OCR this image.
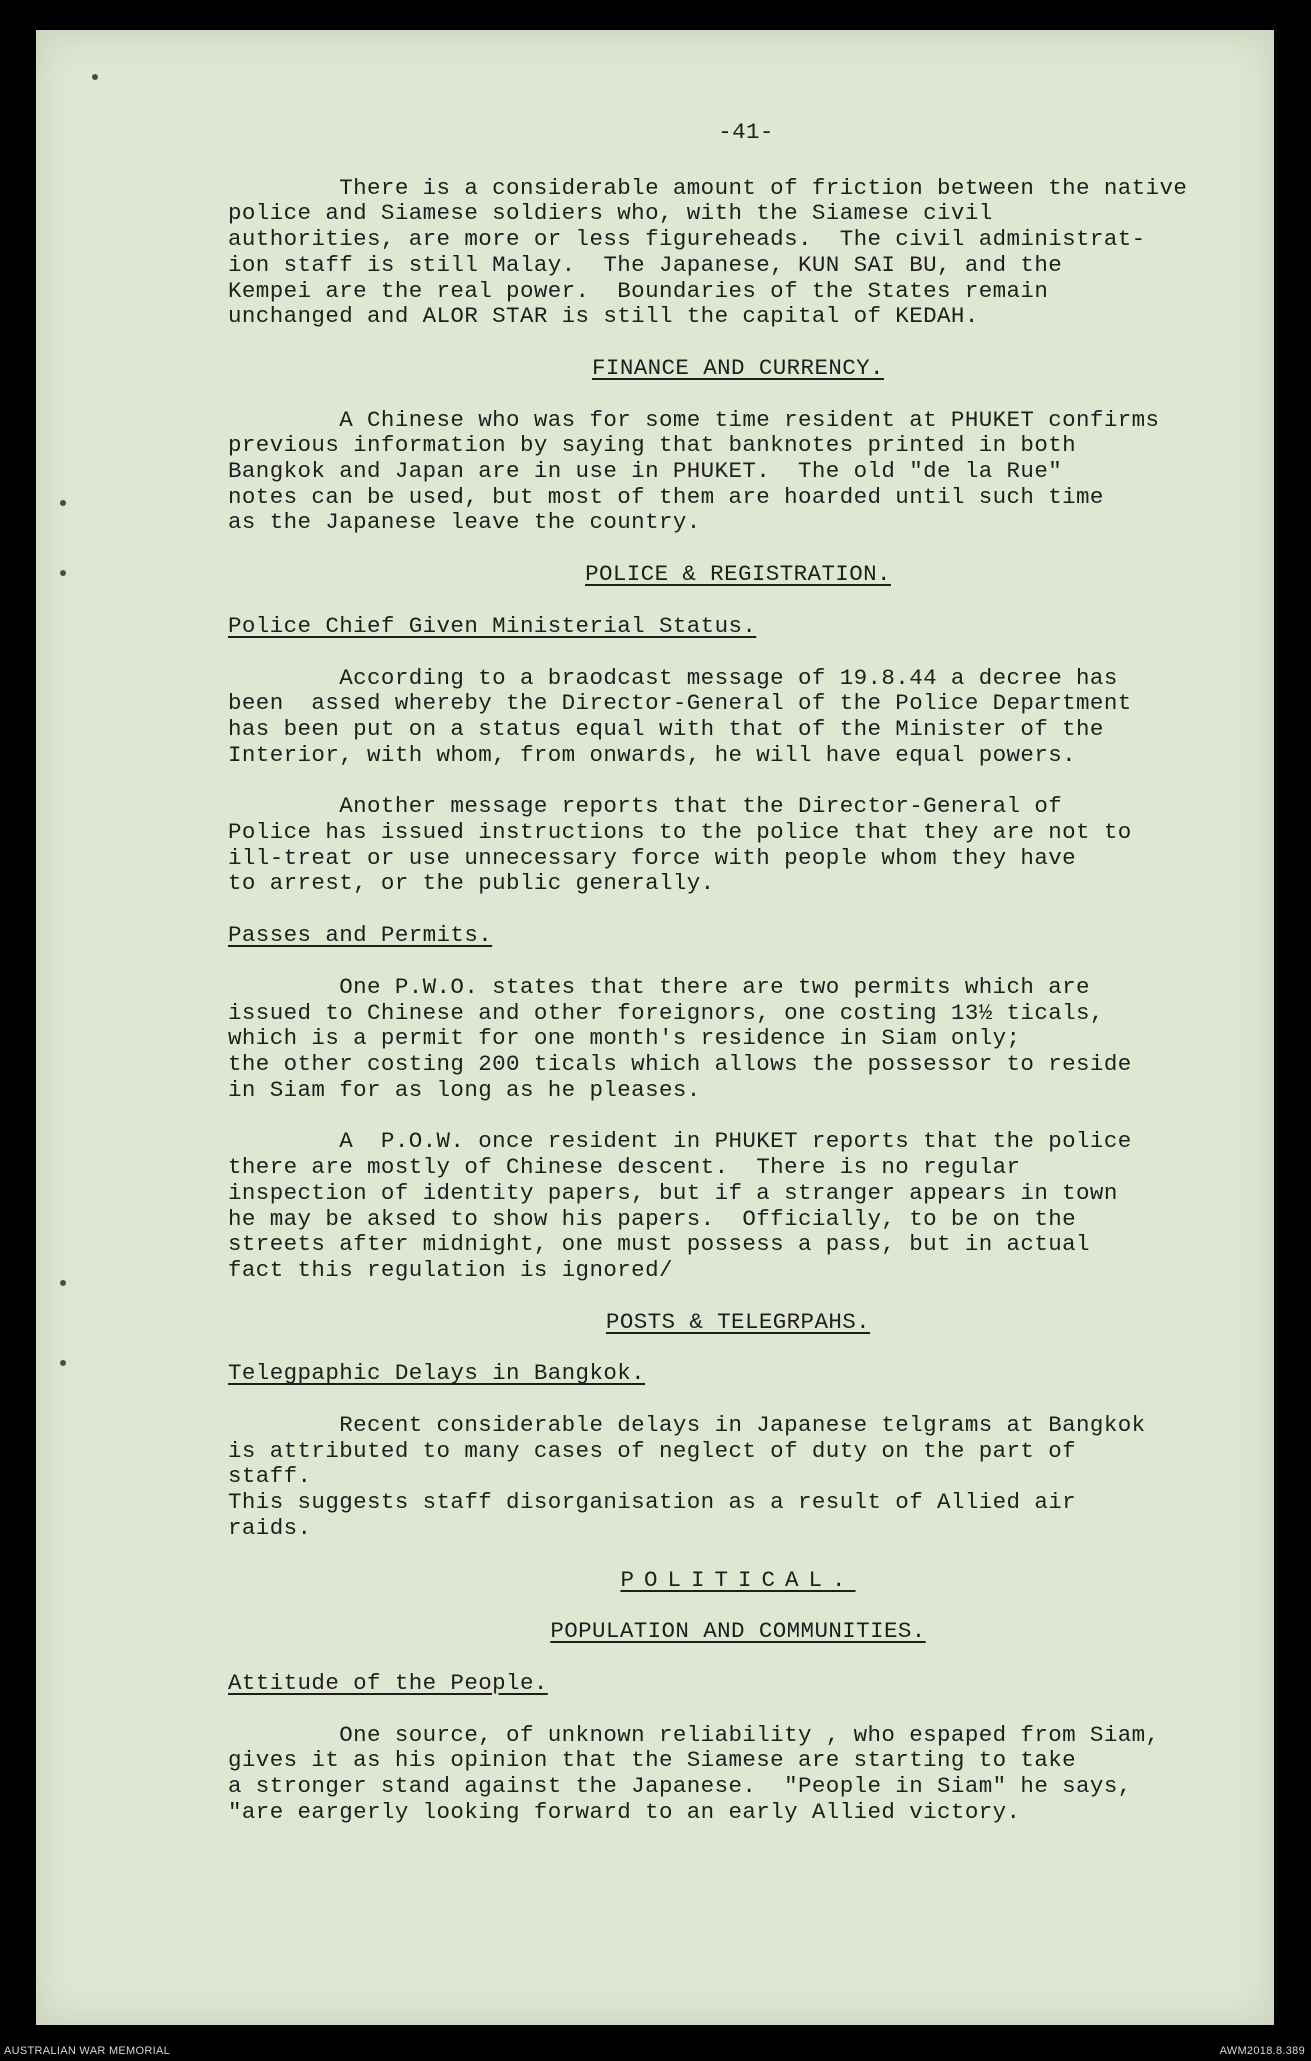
-41-

There is a considerable amount of friction between the native
police and Siamese soldiers who, with the Siamese civil
authorities, are more or less figureheads.  The civil administrat-
ion staff is still Malay.  The Japanese, KUN SAI BU, and the
Kempei are the real power.  Boundaries of the States remain
unchanged and ALOR STAR is still the capital of KEDAH.

FINANCE AND CURRENCY.

A Chinese who was for some time resident at PHUKET confirms
previous information by saying that banknotes printed in both
Bangkok and Japan are in use in PHUKET.  The old "de la Rue"
notes can be used, but most of them are hoarded until such time
as the Japanese leave the country.

POLICE & REGISTRATION.
Police Chief Given Ministerial Status.

According to a braodcast message of 19.8.44 a decree has
been  assed whereby the Director-General of the Police Department
has been put on a status equal with that of the Minister of the
Interior, with whom, from onwards, he will have equal powers.

Another message reports that the Director-General of
Police has issued instructions to the police that they are not to
ill-treat or use unnecessary force with people whom they have
to arrest, or the public generally.

Passes and Permits.

One P.W.O. states that there are two permits which are
issued to Chinese and other foreignors, one costing 13½ ticals,
which is a permit for one month's residence in Siam only;
the other costing 200 ticals which allows the possessor to reside
in Siam for as long as he pleases.

A  P.O.W. once resident in PHUKET reports that the police
there are mostly of Chinese descent.  There is no regular
inspection of identity papers, but if a stranger appears in town
he may be aksed to show his papers.  Officially, to be on the
streets after midnight, one must possess a pass, but in actual
fact this regulation is ignored/

POSTS & TELEGRPAHS.
Telegpaphic Delays in Bangkok.

Recent considerable delays in Japanese telgrams at Bangkok
is attributed to many cases of neglect of duty on the part of
staff.
This suggests staff disorganisation as a result of Allied air
raids.

POLITICAL.
POPULATION AND COMMUNITIES.
Attitude of the People.

One source, of unknown reliability , who espaped from Siam,
gives it as his opinion that the Siamese are starting to take
a stronger stand against the Japanese.  "People in Siam" he says,
"are eargerly looking forward to an early Allied victory.

AUSTRALIAN WAR MEMORIAL	AWM2018.8.389
